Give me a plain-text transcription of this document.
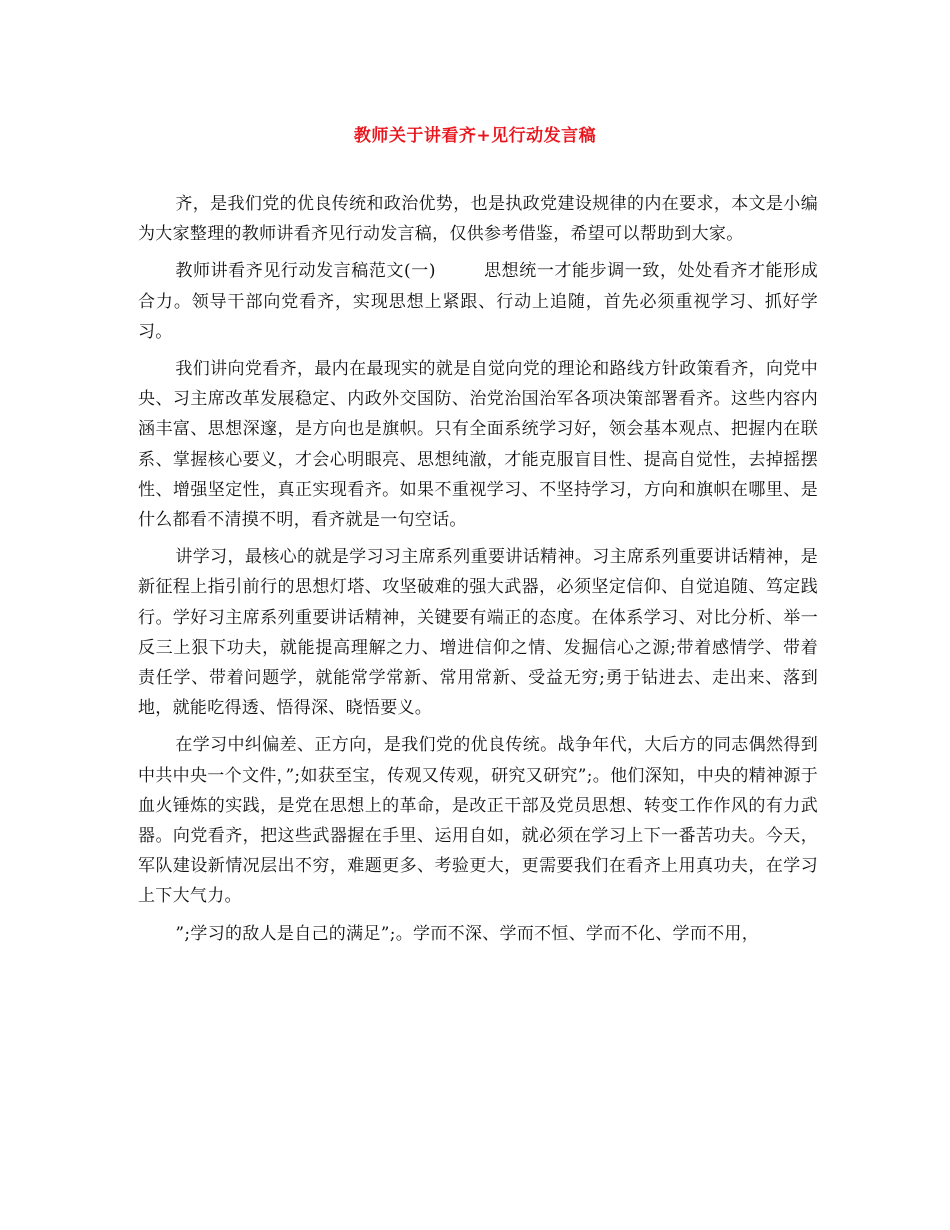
教师关于讲看齐+见行动发言稿

齐，是我们党的优良传统和政治优势，也是执政党建设规律的内在要求，本文是小编为大家整理的教师讲看齐见行动发言稿，仅供参考借鉴，希望可以帮助到大家。

教师讲看齐见行动发言稿范文(一)	思想统一才能步调一致，处处看齐才能形成合力。领导干部向党看齐，实现思想上紧跟、行动上追随，首先必须重视学习、抓好学习。

我们讲向党看齐，最内在最现实的就是自觉向党的理论和路线方针政策看齐，向党中央、习主席改革发展稳定、内政外交国防、治党治国治军各项决策部署看齐。这些内容内涵丰富、思想深邃，是方向也是旗帜。只有全面系统学习好，领会基本观点、把握内在联系、掌握核心要义，才会心明眼亮、思想纯澈，才能克服盲目性、提高自觉性，去掉摇摆性、增强坚定性，真正实现看齐。如果不重视学习、不坚持学习，方向和旗帜在哪里、是什么都看不清摸不明，看齐就是一句空话。

讲学习，最核心的就是学习习主席系列重要讲话精神。习主席系列重要讲话精神，是新征程上指引前行的思想灯塔、攻坚破难的强大武器，必须坚定信仰、自觉追随、笃定践行。学好习主席系列重要讲话精神，关键要有端正的态度。在体系学习、对比分析、举一反三上狠下功夫，就能提高理解之力、增进信仰之情、发掘信心之源;带着感情学、带着责任学、带着问题学，就能常学常新、常用常新、受益无穷;勇于钻进去、走出来、落到地，就能吃得透、悟得深、晓悟要义。

在学习中纠偏差、正方向，是我们党的优良传统。战争年代，大后方的同志偶然得到中共中央一个文件，”;如获至宝，传观又传观，研究又研究”;。他们深知，中央的精神源于血火锤炼的实践，是党在思想上的革命，是改正干部及党员思想、转变工作作风的有力武器。向党看齐，把这些武器握在手里、运用自如，就必须在学习上下一番苦功夫。今天，军队建设新情况层出不穷，难题更多、考验更大，更需要我们在看齐上用真功夫，在学习上下大气力。

”;学习的敌人是自己的满足”;。学而不深、学而不恒、学而不化、学而不用，
